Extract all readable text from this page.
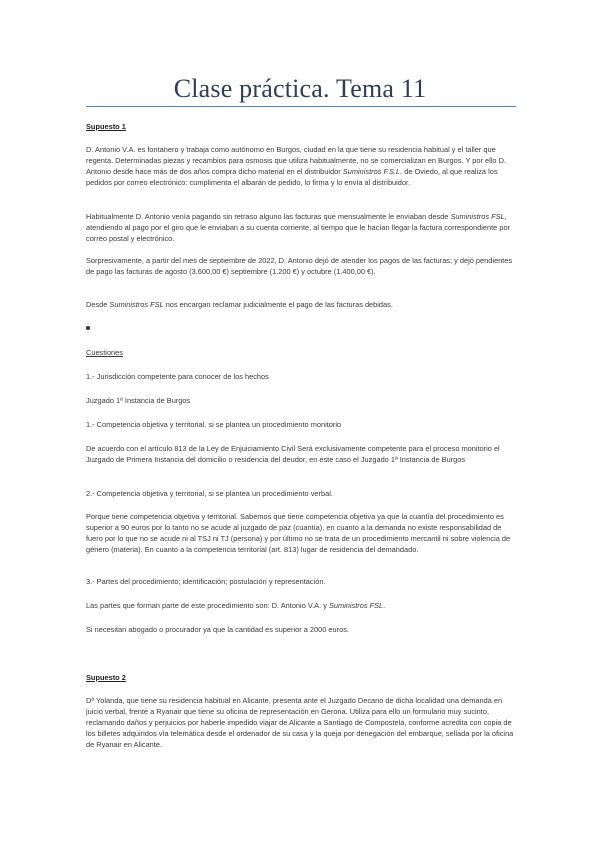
Clase práctica. Tema 11
Supuesto 1
D. Antonio V.A. es fontanero y trabaja como autónomo en Burgos, ciudad en la que tiene su residencia habitual y el taller que regenta. Determinadas piezas y recambios para osmosis que utiliza habitualmente, no se comercializan en Burgos. Y por ello D. Antonio desde hace más de dos años compra dicho material en el distribuidor Suministros F.S.L. de Oviedo, al que realiza los pedidos por correo electrónico: cumplimenta el albarán de pedido, lo firma y lo envía al distribuidor.
Habitualmente D. Antonio venía pagando sin retraso alguno las facturas que mensualmente le enviaban desde Suministros FSL, atendiendo al pago por el giro que le enviaban a su cuenta corriente, al tiempo que le hacían llegar la factura correspondiente por correo postal y electrónico.
Sorpresivamente, a partir del mes de septiembre de 2022, D. Antonio dejó de atender los pagos de las facturas; y dejó pendientes de pago las facturas de agosto (3.600,00 €) septiembre (1.200 €) y octubre (1.400,00 €).
Desde Suministros FSL nos encargan reclamar judicialmente el pago de las facturas debidas.
Cuestiones
1.- Jurisdicción competente para conocer de los hechos
Juzgado 1ª Instancia de Burgos
1.- Competencia objetiva y territorial, si se plantea un procedimiento monitorio
De acuerdo con el artículo 813 de la Ley de Enjuiciamiento Civil Será exclusivamente competente para el proceso monitorio el Juzgado de Primera Instancia del domicilio o residencia del deudor, en este caso el Juzgado 1ª Instancia de Burgos
2.- Competencia objetiva y territorial, si se plantea un procedimiento verbal.
Porque tiene competencia objetiva y territorial. Sabemos que tiene competencia objetiva ya que la cuantía del procedimiento es superior a 90 euros por lo tanto no se acude al juzgado de paz (cuantía), en cuanto a la demanda no existe responsabilidad de fuero por lo que no se acude ni al TSJ ni TJ (persona) y por último no se trata de un procedimiento mercantil ni sobre violencia de género (materia). En cuanto a la competencia territorial (art. 813) lugar de residencia del demandado.
3.- Partes del procedimiento; identificación; postulación y representación.
Las partes que forman parte de este procedimiento son: D. Antonio V.A. y Suministros FSL.
Si necesitan abogado o procurador ya que la cantidad es superior a 2000 euros.
Supuesto 2
Dª Yolanda, que tiene su residencia habitual en Alicante, presenta ante el Juzgado Decano de dicha localidad una demanda en juicio verbal, frente a Ryanair que tiene su oficina de representación en Gerona. Utiliza para ello un formulario muy sucinto, reclamando daños y perjuicios por haberle impedido viajar de Alicante a Santiago de Compostela, conforme acredita con copia de los billetes adquiridos vía telemática desde el ordenador de su casa y la queja por denegación del embarque, sellada por la oficina de Ryanair en Alicante.
